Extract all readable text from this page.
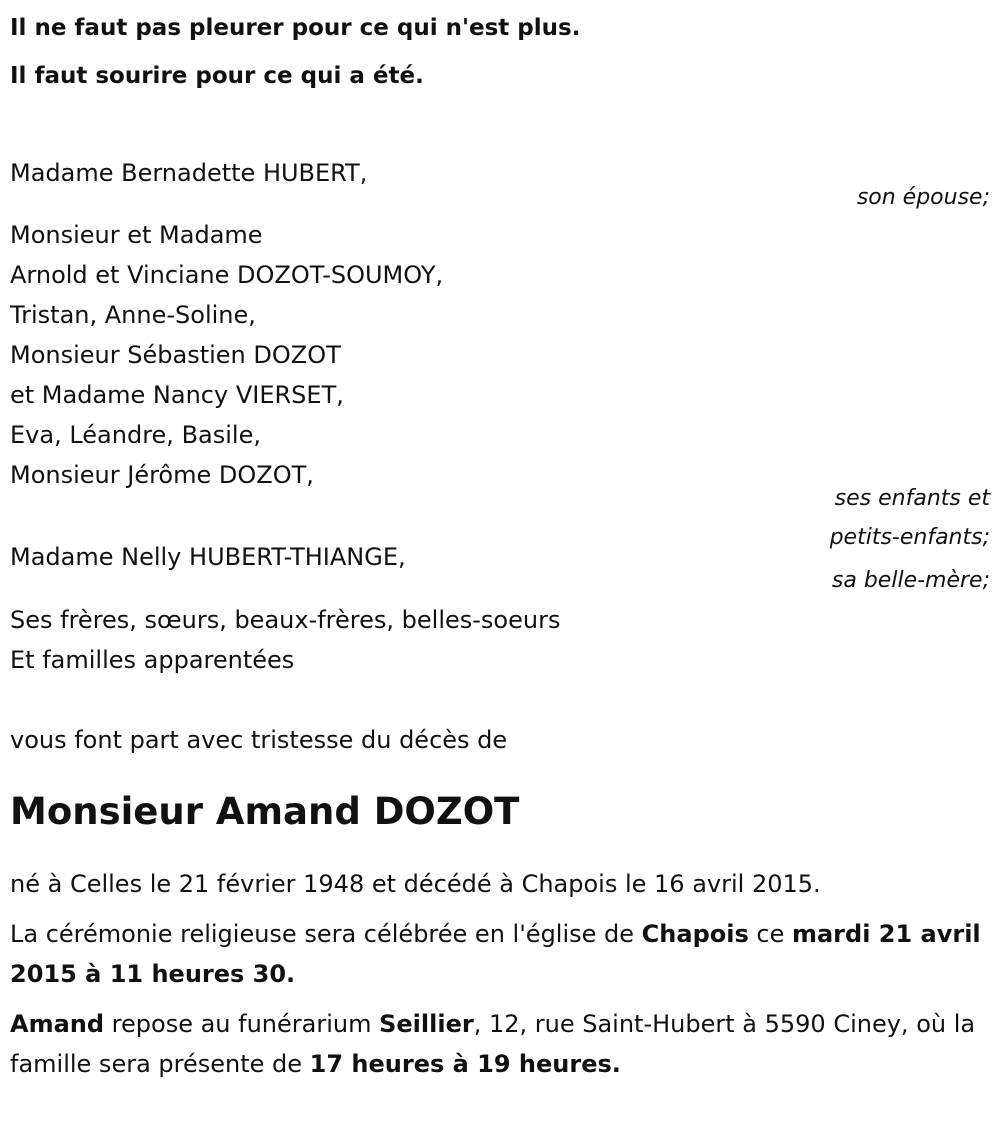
Il ne faut pas pleurer pour ce qui n'est plus.

Il faut sourire pour ce qui a été.

Madame Bernadette HUBERT,

son épouse;

Monsieur et Madame

Arnold et Vinciane DOZOT-SOUMOY,

Tristan, Anne-Soline,

Monsieur Sébastien DOZOT

et Madame Nancy VIERSET,

Eva, Léandre, Basile,

Monsieur Jérôme DOZOT,

ses enfants et

petits-enfants;

Madame Nelly HUBERT-THIANGE,

sa belle-mère;

Ses frères, sœurs, beaux-frères, belles-soeurs

Et familles apparentées

vous font part avec tristesse du décès de

Monsieur Amand DOZOT

né à Celles le 21 février 1948 et décédé à Chapois le 16 avril 2015.

La cérémonie religieuse sera célébrée en l'église de Chapois ce mardi 21 avril 2015 à 11 heures 30.

Amand repose au funérarium Seillier, 12, rue Saint-Hubert à 5590 Ciney, où la famille sera présente de 17 heures à 19 heures.
